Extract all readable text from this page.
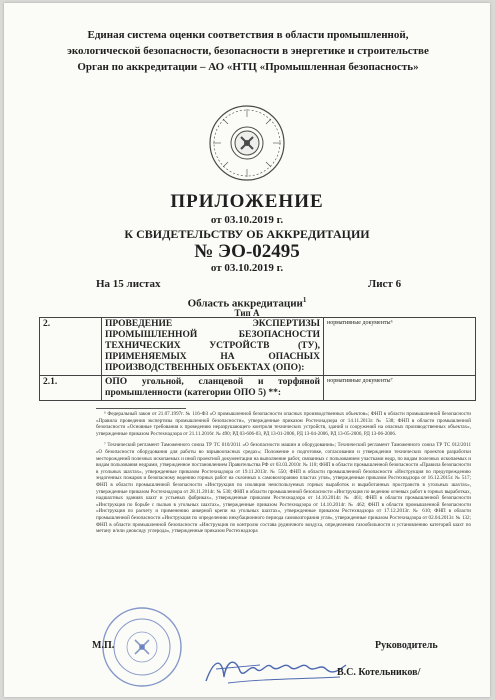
Единая система оценки соответствия в области промышленной,
экологической безопасности, безопасности в энергетике и строительстве
Орган по аккредитации – АО «НТЦ «Промышленная безопасность»
ПРИЛОЖЕНИЕ
от 03.10.2019 г.
К СВИДЕТЕЛЬСТВУ ОБ АККРЕДИТАЦИИ
№ ЭО-02495
от 03.10.2019 г.
На 15 листах	Лист 6
Область аккредитации$^1$
Тип А
2.	ПРОВЕДЕНИЕ ЭКСПЕРТИЗЫ ПРОМЫШЛЕННОЙ БЕЗОПАСНОСТИ ТЕХНИЧЕСКИХ УСТРОЙСТВ (ТУ), ПРИМЕНЯЕМЫХ НА ОПАСНЫХ ПРОИЗВОДСТВЕННЫХ ОБЪЕКТАХ (ОПО):	нормативные документы⁶
2.1.	ОПО угольной, сланцевой и торфяной промышленности (категории ОПО 5) **:	нормативные документы⁷

⁶ Федеральный закон от 21.07.1997г. № 116-ФЗ «О промышленной безопасности опасных производственных объектов»; ФНП в области промышленной безопасности «Правила проведения экспертизы промышленной безопасности», утвержденные приказом Ростехнадзора от 14.11.2013г. № 538; ФНП в области промышленной безопасности «Основные требования к проведению неразрушающего контроля технических устройств, зданий и сооружений на опасных производственных объектах», утвержденные приказом Ростехнадзора от 21.11.2016г. № 490; РД 03-606-03, РД 13-01-2006, РД 13-04-2006, РД 13-05-2006, РД 13-06-2006.

⁷ Технический регламент Таможенного союза ТР ТС 010/2011 «О безопасности машин и оборудования»; Технический регламент Таможенного союза ТР ТС 012/2011 «О безопасности оборудования для работы во взрывоопасных средах»; Положение о подготовке, согласовании и утверждении технических проектов разработки месторождений полезных ископаемых и иной проектной документации на выполнение работ, связанных с пользованием участками недр, по видам полезных ископаемых и видам пользования недрами, утвержденное постановлением Правительства РФ от 03.03.2010г. № 118; ФНП в области промышленной безопасности «Правила безопасности в угольных шахтах», утвержденные приказом Ростехнадзора от 19.11.2013г. № 550; ФНП в области промышленной безопасности «Инструкция по предупреждению эндогенных пожаров и безопасному ведению горных работ на склонных к самовозгоранию пластах угля», утвержденные приказом Ростехнадзора от 16.12.2015г. № 517; ФНП в области промышленной безопасности «Инструкция по изоляции неиспользуемых горных выработок и выработанных пространств в угольных шахтах», утвержденные приказом Ростехнадзора от 28.11.2014г. № 530; ФНП в области промышленной безопасности «Инструкция по ведению огневых работ в горных выработках, надшахтных зданиях шахт и устьевых фабриках», утвержденные приказом Ростехнадзора от 14.10.2014г. № 461; ФНП в области промышленной безопасности «Инструкция по борьбе с пылью в угольных шахтах», утвержденные приказом Ростехнадзора от 14.10.2014г. № 462; ФНП в области промышленной безопасности «Инструкция по расчету и применению анкерной крепи на угольных шахтах», утвержденные приказом Ростехнадзора от 17.12.2013г. № 610; ФНП в области промышленной безопасности «Инструкция по определению инкубационного периода самовозгорания угля», утвержденные приказом Ростехнадзора от 02.04.2013г. № 132; ФНП в области промышленной безопасности «Инструкция по контролю состава рудничного воздуха, определению газообильности и установлению категорий шахт по метану и/или диоксиду углерода», утвержденные приказом Ростехнадзора

М.П.	Руководитель
В.С. Котельников/
